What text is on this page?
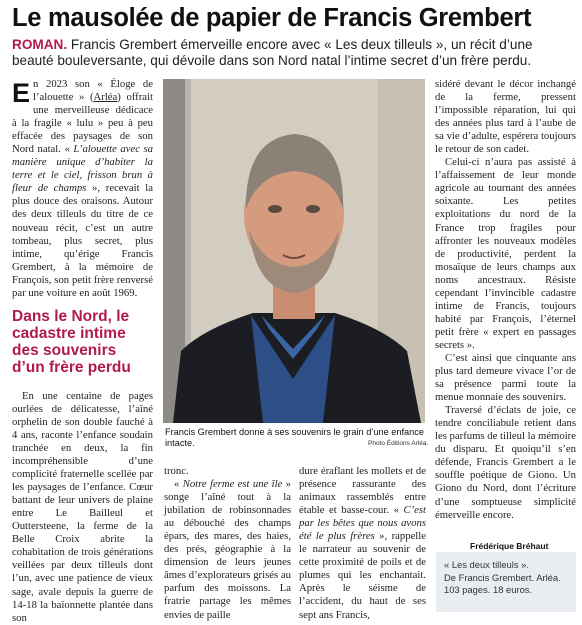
Le mausolée de papier de Francis Grembert
ROMAN. Francis Grembert émerveille encore avec « Les deux tilleuls », un récit d’une beauté bouleversante, qui dévoile dans son Nord natal l’intime secret d’un frère perdu.

En 2023 son « Éloge de l’alouette » (Arléa) offrait une merveilleuse dédicace à la fragile « lulu » peu à peu effacée des paysages de son Nord natal. « L’alouette avec sa manière unique d’habiter la terre et le ciel, frisson brun à fleur de champs », recevait la plus douce des oraisons. Autour des deux tilleuls du titre de ce nouveau récit, c’est un autre tombeau, plus secret, plus intime, qu’érige Francis Grembert, à la mémoire de François, son petit frère renversé par une voiture en août 1969.

Dans le Nord, le cadastre intime des souvenirs d’un frère perdu

En une centaine de pages ourlées de délicatesse, l’aîné orphelin de son double fauché à 4 ans, raconte l’enfance soudain tranchée en deux, la fin incompréhensible d’une complicité fraternelle scellée par les paysages de l’enfance. Cœur battant de leur univers de plaine entre Le Bailleul et Outtersteene, la ferme de la Belle Croix abrite la cohabitation de trois générations veillées par deux tilleuls dont l’un, avec une patience de vieux sage, avale depuis la guerre de 14-18 la baïonnette plantée dans son

Francis Grembert donne à ses souvenirs le grain d’une enfance intacte.	Photo Éditions Arléa.

tronc.

« Notre ferme est une île » songe l’aîné tout à la jubilation de robinsonnades au débouché des champs épars, des mares, des haies, des prés, géographie à la dimension de leurs jeunes âmes d’explorateurs grisés au parfum des moissons. La fratrie partage les mêmes envies de paille

dure éraflant les mollets et de présence rassurante des animaux rassemblés entre étable et basse-cour. « C’est par les bêtes que nous avons été le plus frères », rappelle le narrateur au souvenir de cette proximité de poils et de plumes qui les enchantait. Après le séisme de l’accident, du haut de ses sept ans Francis,

sidéré devant le décor inchangé de la ferme, pressent l’impossible réparation, lui qui des années plus tard à l’aube de sa vie d’adulte, espérera toujours le retour de son cadet.

Celui-ci n’aura pas assisté à l’affaissement de leur monde agricole au tournant des années soixante. Les petites exploitations du nord de la France trop fragiles pour affronter les nouveaux modèles de productivité, perdent la mosaïque de leurs champs aux noms ancestraux. Résiste cependant l’invincible cadastre intime de Francis, toujours habité par François, l’éternel petit frère « expert en passages secrets ».

C’est ainsi que cinquante ans plus tard demeure vivace l’or de sa présence parmi toute la menue monnaie des souvenirs.

Traversé d’éclats de joie, ce tendre conciliabule retient dans les parfums de tilleul la mémoire du disparu. Et quoiqu’il s’en défende, Francis Grembert a le souffle poétique de Giono. Un Giono du Nord, dont l’écriture d’une somptueuse simplicité émerveille encore.

Frédérique Bréhaut
« Les deux tilleuls ».
De Francis Grembert. Arléa. 103 pages. 18 euros.
